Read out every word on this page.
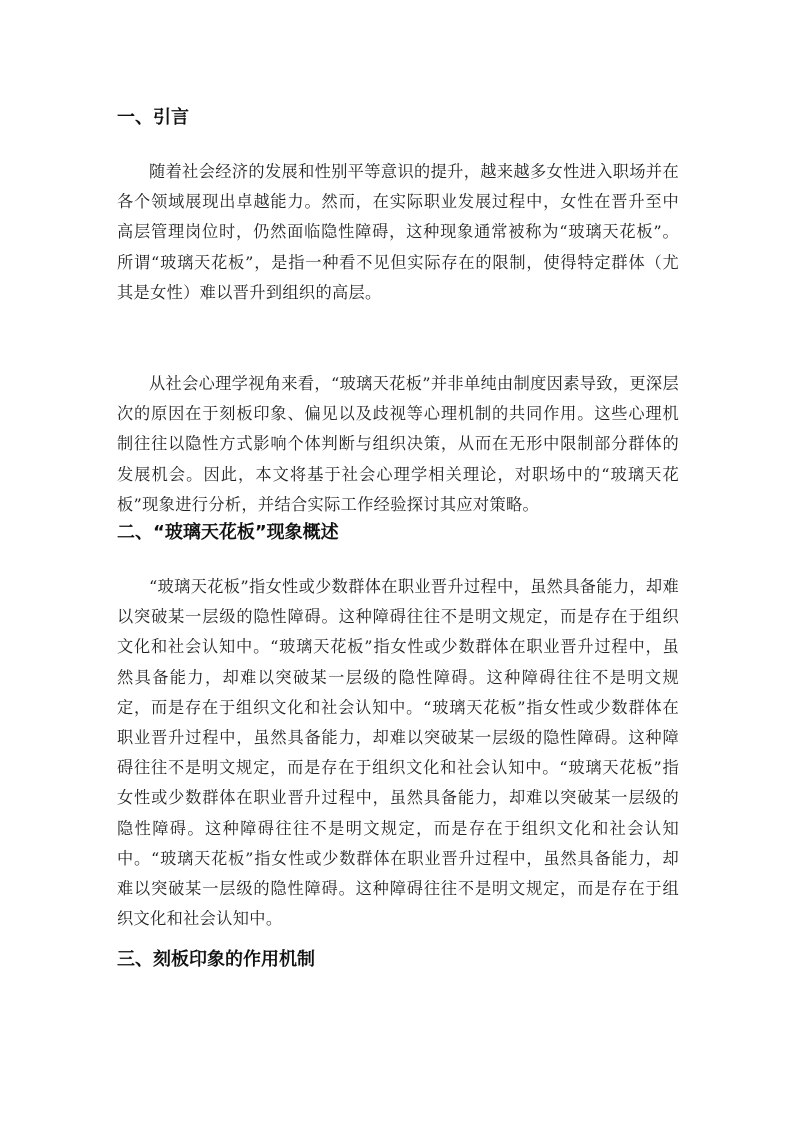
一、引言
随着社会经济的发展和性别平等意识的提升，越来越多女性进入职场并在各个领域展现出卓越能力。然而，在实际职业发展过程中，女性在晋升至中高层管理岗位时，仍然面临隐性障碍，这种现象通常被称为“玻璃天花板”。所谓“玻璃天花板”，是指一种看不见但实际存在的限制，使得特定群体（尤其是女性）难以晋升到组织的高层。
从社会心理学视角来看，“玻璃天花板”并非单纯由制度因素导致，更深层次的原因在于刻板印象、偏见以及歧视等心理机制的共同作用。这些心理机制往往以隐性方式影响个体判断与组织决策，从而在无形中限制部分群体的发展机会。因此，本文将基于社会心理学相关理论，对职场中的“玻璃天花板”现象进行分析，并结合实际工作经验探讨其应对策略。
二、“玻璃天花板”现象概述
“玻璃天花板”指女性或少数群体在职业晋升过程中，虽然具备能力，却难以突破某一层级的隐性障碍。这种障碍往往不是明文规定，而是存在于组织文化和社会认知中。“玻璃天花板”指女性或少数群体在职业晋升过程中，虽然具备能力，却难以突破某一层级的隐性障碍。这种障碍往往不是明文规定，而是存在于组织文化和社会认知中。“玻璃天花板”指女性或少数群体在职业晋升过程中，虽然具备能力，却难以突破某一层级的隐性障碍。这种障碍往往不是明文规定，而是存在于组织文化和社会认知中。“玻璃天花板”指女性或少数群体在职业晋升过程中，虽然具备能力，却难以突破某一层级的隐性障碍。这种障碍往往不是明文规定，而是存在于组织文化和社会认知中。“玻璃天花板”指女性或少数群体在职业晋升过程中，虽然具备能力，却难以突破某一层级的隐性障碍。这种障碍往往不是明文规定，而是存在于组织文化和社会认知中。
三、刻板印象的作用机制
